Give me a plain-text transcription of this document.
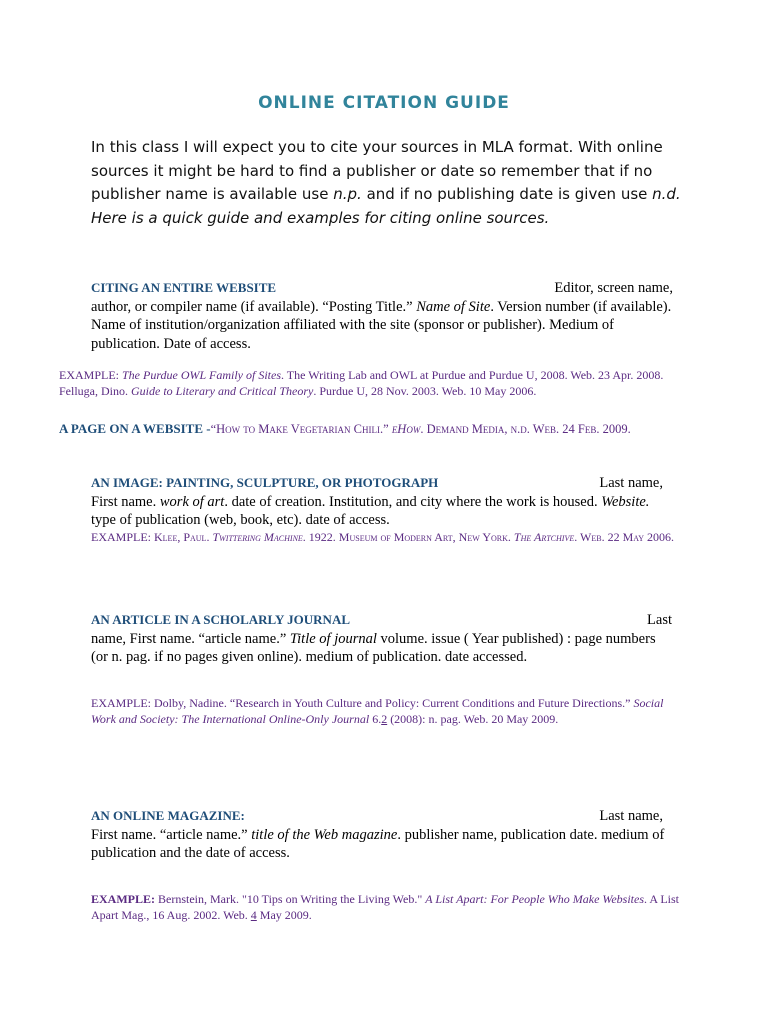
ONLINE CITATION GUIDE
In this class I will expect you to cite your sources in MLA format. With online sources it might be hard to find a publisher or date so remember that if no publisher name is available use n.p. and if no publishing date is given use n.d. Here is a quick guide and examples for citing online sources.
CITING AN ENTIRE WEBSITE	Editor, screen name,
author, or compiler name (if available). “Posting Title.” Name of Site. Version number (if available). Name of institution/organization affiliated with the site (sponsor or publisher). Medium of publication. Date of access.
EXAMPLE: The Purdue OWL Family of Sites. The Writing Lab and OWL at Purdue and Purdue U, 2008. Web. 23 Apr. 2008. Felluga, Dino. Guide to Literary and Critical Theory. Purdue U, 28 Nov. 2003. Web. 10 May 2006.
A PAGE ON A WEBSITE -“How to Make Vegetarian Chili.” eHow. Demand Media, n.d. Web. 24 Feb. 2009.
AN IMAGE: PAINTING, SCULPTURE, OR PHOTOGRAPH	Last name,
First name. work of art. date of creation. Institution, and city where the work is housed. Website. type of publication (web, book, etc). date of access.
EXAMPLE: Klee, Paul. Twittering Machine. 1922. Museum of Modern Art, New York. The Artchive. Web. 22 May 2006.
AN ARTICLE IN A SCHOLARLY JOURNAL	Last
name, First name. “article name.” Title of journal volume. issue ( Year published) : page numbers (or n. pag. if no pages given online). medium of publication. date accessed.
EXAMPLE: Dolby, Nadine. “Research in Youth Culture and Policy: Current Conditions and Future Directions.” Social Work and Society: The International Online-Only Journal 6.2 (2008): n. pag. Web. 20 May 2009.
AN ONLINE MAGAZINE:	Last name,
First name. “article name.” title of the Web magazine. publisher name, publication date. medium of publication and the date of access.
EXAMPLE: Bernstein, Mark. "10 Tips on Writing the Living Web." A List Apart: For People Who Make Websites. A List Apart Mag., 16 Aug. 2002. Web. 4 May 2009.
